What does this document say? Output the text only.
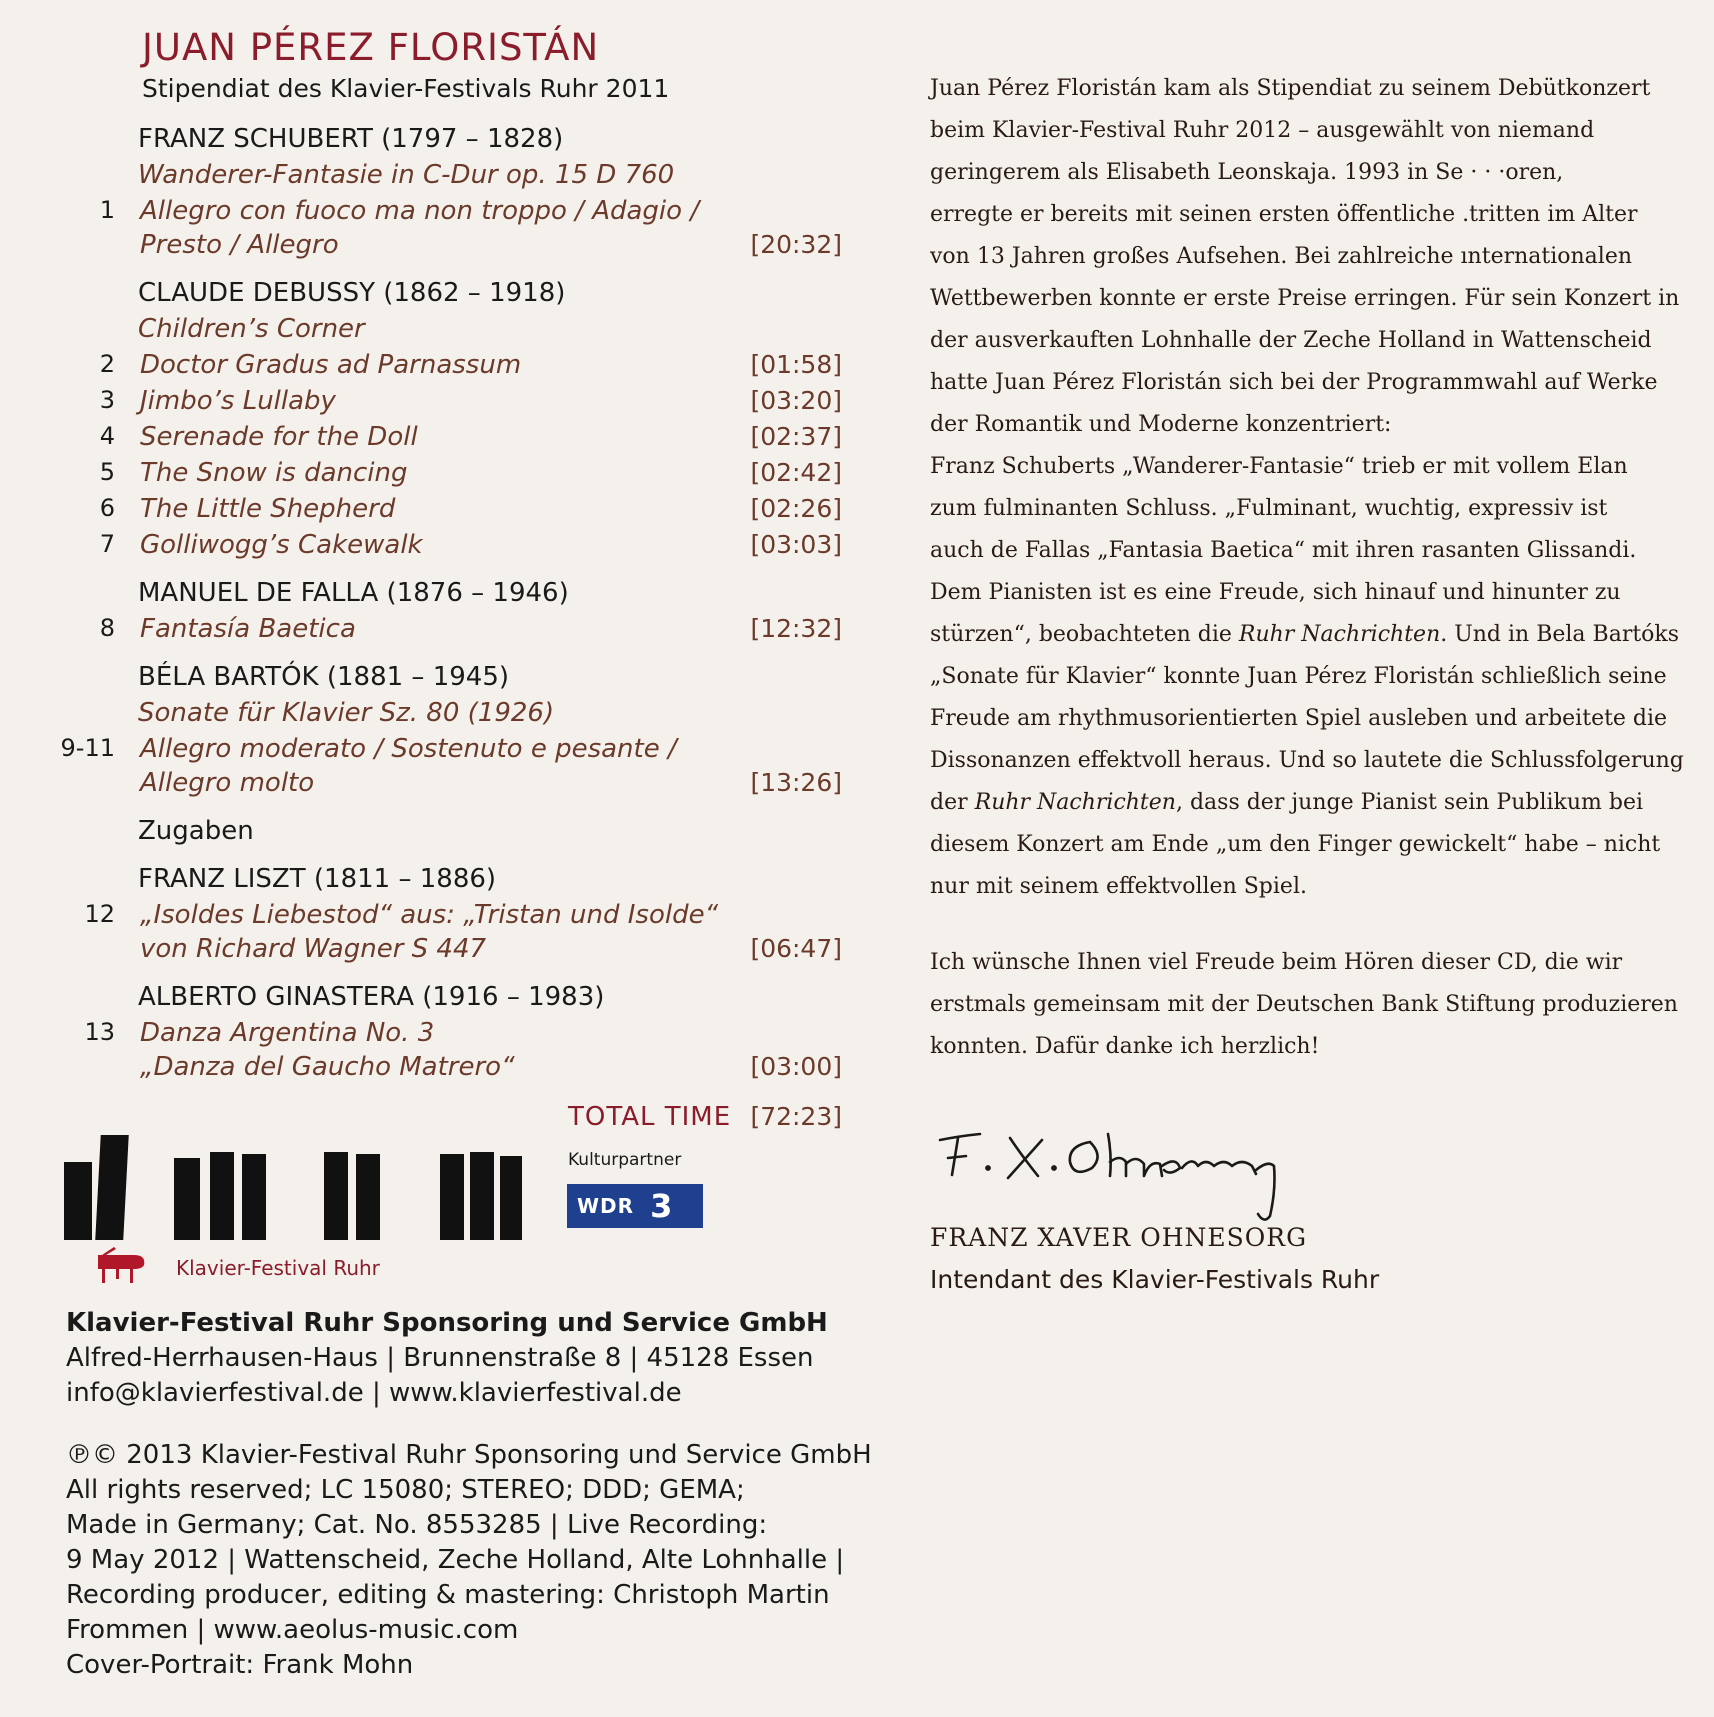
JUAN PÉREZ FLORISTÁN
Stipendiat des Klavier-Festivals Ruhr 2011
FRANZ SCHUBERT (1797 – 1828)
Wanderer-Fantasie in C-Dur op. 15 D 760
1 Allegro con fuoco ma non troppo / Adagio /
Presto / Allegro	[20:32]
CLAUDE DEBUSSY (1862 – 1918)
Children’s Corner
2 Doctor Gradus ad Parnassum	[01:58]
3 Jimbo’s Lullaby	[03:20]
4 Serenade for the Doll	[02:37]
5 The Snow is dancing	[02:42]
6 The Little Shepherd	[02:26]
7 Golliwogg’s Cakewalk	[03:03]
MANUEL DE FALLA (1876 – 1946)
8 Fantasía Baetica	[12:32]
BÉLA BARTÓK (1881 – 1945)
Sonate für Klavier Sz. 80 (1926)
9-11 Allegro moderato / Sostenuto e pesante /
Allegro molto	[13:26]
Zugaben
FRANZ LISZT (1811 – 1886)
12 „Isoldes Liebestod“ aus: „Tristan und Isolde“
von Richard Wagner S 447	[06:47]
ALBERTO GINASTERA (1916 – 1983)
13 Danza Argentina No. 3
„Danza del Gaucho Matrero“	[03:00]
TOTAL TIME [72:23]
Klavier-Festival Ruhr
Kulturpartner
WDR 3
Klavier-Festival Ruhr Sponsoring und Service GmbH
Alfred-Herrhausen-Haus | Brunnenstraße 8 | 45128 Essen
info@klavierfestival.de | www.klavierfestival.de
℗© 2013 Klavier-Festival Ruhr Sponsoring und Service GmbH
All rights reserved; LC 15080; STEREO; DDD; GEMA;
Made in Germany; Cat. No. 8553285 | Live Recording:
9 May 2012 | Wattenscheid, Zeche Holland, Alte Lohnhalle |
Recording producer, editing & mastering: Christoph Martin
Frommen | www.aeolus-music.com
Cover-Portrait: Frank Mohn
Juan Pérez Floristán kam als Stipendiat zu seinem Debütkonzert
beim Klavier-Festival Ruhr 2012 – ausgewählt von niemand
geringerem als Elisabeth Leonskaja. 1993 in Se · · ·oren,
erregte er bereits mit seinen ersten öffentliche .tritten im Alter
von 13 Jahren großes Aufsehen. Bei zahlreiche ınternationalen
Wettbewerben konnte er erste Preise erringen. Für sein Konzert in
der ausverkauften Lohnhalle der Zeche Holland in Wattenscheid
hatte Juan Pérez Floristán sich bei der Programmwahl auf Werke
der Romantik und Moderne konzentriert:
Franz Schuberts „Wanderer-Fantasie“ trieb er mit vollem Elan
zum fulminanten Schluss. „Fulminant, wuchtig, expressiv ist
auch de Fallas „Fantasia Baetica“ mit ihren rasanten Glissandi.
Dem Pianisten ist es eine Freude, sich hinauf und hinunter zu
stürzen“, beobachteten die Ruhr Nachrichten. Und in Bela Bartóks
„Sonate für Klavier“ konnte Juan Pérez Floristán schließlich seine
Freude am rhythmusorientierten Spiel ausleben und arbeitete die
Dissonanzen effektvoll heraus. Und so lautete die Schlussfolgerung
der Ruhr Nachrichten, dass der junge Pianist sein Publikum bei
diesem Konzert am Ende „um den Finger gewickelt“ habe – nicht
nur mit seinem effektvollen Spiel.
Ich wünsche Ihnen viel Freude beim Hören dieser CD, die wir
erstmals gemeinsam mit der Deutschen Bank Stiftung produzieren
konnten. Dafür danke ich herzlich!
FRANZ XAVER OHNESORG
Intendant des Klavier-Festivals Ruhr
